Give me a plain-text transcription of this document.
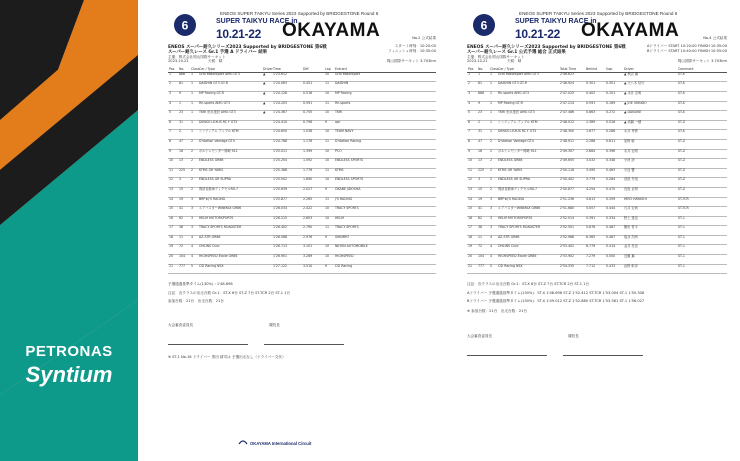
PETRONAS
Syntium
6
ENEOS SUPER TAIKYU Series 2023 Supported by BRIDGESTONE Round 6
SUPER TAIKYU RACE in
10.21-22 OKAYAMA	No.2 公式結果
ENEOS スーパー耐久シリーズ2023 Supported by BRIDGESTONE 第6戦
スーパー耐久レース Gr.1 予選 A ドライバー 結果
主催：株式会社岡山国際サーキット
2023.10.21	天候：晴
スタート時刻：10:20:00
フィニッシュ時刻：10:35:00
岡山国際サーキット 3.703km
Pos	No.	Class	Car / Type	Driver	Time	Diff	Lap	Entrant
1	888	1	Grid Motorsport AMG GT3	▲	1'23.612		10	Grid Motorsport
2	81	1	DAISHIN GT3 GT-R	▲	1'24.063	0.451	11	DAISHIN
3	9	1	MP Racing GT-R	▲	1'24.128	0.516	10	MP Racing
4	1	1	Rn-sports AMG GT3	▲	1'24.203	0.591	11	Rn-sports
5	23	1	TKRI 松永建設 AMG GT3	▲	1'24.367	0.755	10	TKRI
6	31	1	DENSO LEXUS RC F GT3		1'24.410	0.798	9	apr
7	2	1	シンティアム アップル KTM		1'24.650	1.038	10	TEAM NAVY
8	47	2	D'station Vantage GT4		1'24.788	1.176	11	D'station Racing
9	16	2	ポルシェセンター岡崎 911		1'25.011	1.399	10	PCO
10	13	2	ENDLESS GR86		1'25.204	1.592	10	ENDLESS SPORTS
11	225	2	KTMS GR YARIS		1'25.388	1.776	11	KTMS
12	3	2	ENDLESS GR SUPRA		1'25.502	1.890	10	ENDLESS SPORTS
13	15	2	岡部自動車ディクセルRX-7		1'25.639	2.027	9	OKABE JIDOSHA
14	19	3	BRP★J'S RACING		1'25.877	2.265	11	J'S RACING
15	41	3	エアバスターWINMAX GR86		1'26.034	2.422	10	TRACY SPORTS
16	62	3	HELM MOTORSPORTS		1'26.215	2.603	10	HELM
17	38	3	TRACY SPORTS ROADSTER		1'26.402	2.790	11	TRACY SPORTS
18	11	4	AZ-STR GR86		1'26.588	2.976	9	SHINRYO
19	72	4	OHLINS Civic		1'26.713	3.101	10	NIHON AUTOMOBILE
20	104	4	HIGHSPEED Étoile GR86		1'26.901	3.289	10	HIGHSPEED
21	777	5	CSI Racing NSX		1'27.122	3.510	9	CSI Racing
予選通過基準タイム(130%) : 1'48.696
注記：各クラスの出走台数 Gr.1：ST-X 6台 ST-Z 7台 ST-TCR 2台 ST-1 1台
参加台数：21台　出走台数：21台
大会審査委員長	競技長
※ ST-1 No.16 ドライバー 黒田 耕司は 予選出走なし（ドライバー交代）
OKAYAMA International Circuit
6
ENEOS SUPER TAIKYU Series 2023 Supported by BRIDGESTONE Round 6
SUPER TAIKYU RACE in
10.21-22 OKAYAMA	No.4 公式結果
ENEOS スーパー耐久シリーズ2023 Supported by BRIDGESTONE 第6戦
スーパー耐久レース Gr.1 公式予選 総合 正式結果
主催：株式会社岡山国際サーキット
2023.10.21	天候：晴
Aドライバー START 10:20:00 FINISH 10:35:00
Bドライバー START 10:40:00 FINISH 10:55:00
岡山国際サーキット 3.703km
Pos	No.	Class	Car / Type	Total Time	Behind	Gap	Driver	Comment
1	1	1	Grid Motorsport AMG GT3	2'46.623			▲ 秋吉 翼	ST-X
2	81	1	DAISHIN GT3 GT-R	2'46.924	0.301	0.301	▲ 大八木 信行	ST-X
3	888	1	Rn-sports AMG GT3	2'47.025	0.402	0.101	▲ 永井 宏明	ST-X
4	9	1	MP Racing GT-R	2'47.214	0.591	0.189	▲ JOE SHINDO	ST-X
5	23	1	TKRI 松永建設 AMG GT3	2'47.486	0.863	0.272	▲ DAISUKE	ST-X
6	2	1	シンティアム アップル KTM	2'48.012	1.389	0.526	▲ 高橋 一穂	ST-Z
7	31	1	DENSO LEXUS RC F GT3	2'48.300	1.677	0.288	永井 秀貴	ST-X
8	47	2	D'station Vantage GT4	2'48.911	2.288	0.611	星野 敏	ST-Z
9	16	2	ポルシェセンター岡崎 911	2'49.307	2.684	0.396	永井 宏明	ST-Z
10	13	2	ENDLESS GR86	2'49.655	3.032	0.348	小河 諒	ST-Z
11	225	2	KTMS GR YARIS	2'50.118	3.495	0.463	平良 響	ST-Z
12	3	2	ENDLESS GR SUPRA	2'50.402	3.779	0.284	菅波 冬悟	ST-Z
13	15	2	岡部自動車ディクセルRX-7	2'50.877	4.254	0.475	長島 正明	ST-Z
14	19	3	BRP★J'S RACING	2'51.236	4.613	0.359	HIRO HAYASHI	ST-TCR
15	41	3	エアバスターWINMAX GR86	2'51.680	5.057	0.444	石井 宏尚	ST-TCR
16	62	3	HELM MOTORSPORTS	2'52.014	5.391	0.334	野上 達也	ST-1
17	38	3	TRACY SPORTS ROADSTER	2'52.501	5.878	0.487	鶴田 哲平	ST-1
18	11	4	AZ-STR GR86	2'52.988	6.365	0.487	塩谷 烈州	ST-1
19	72	4	OHLINS Civic	2'53.402	6.779	0.414	金井 亮忠	ST-1
20	104	4	HIGHSPEED Étoile GR86	2'53.902	7.279	0.500	近藤 翼	ST-1
21	777	5	CSI Racing NSX	2'54.335	7.712	0.433	浜野 彰彦	ST-1
注記：各クラスの出走台数 Gr.1：ST-X 6台 ST-Z 7台 ST-TCR 2台 ST-1 1台
Aドライバー 予選通過基準タイム(130%)：ST-X 1'48.696 ST-Z 1'52.412 ST-TCR 1'53.004 ST-1 1'55.308
Bドライバー 予選通過基準タイム(130%)：ST-X 1'49.012 ST-Z 1'52.880 ST-TCR 1'53.561 ST-1 1'56.027
※ 参加台数：21台　出走台数：21台
大会審査委員長	競技長
